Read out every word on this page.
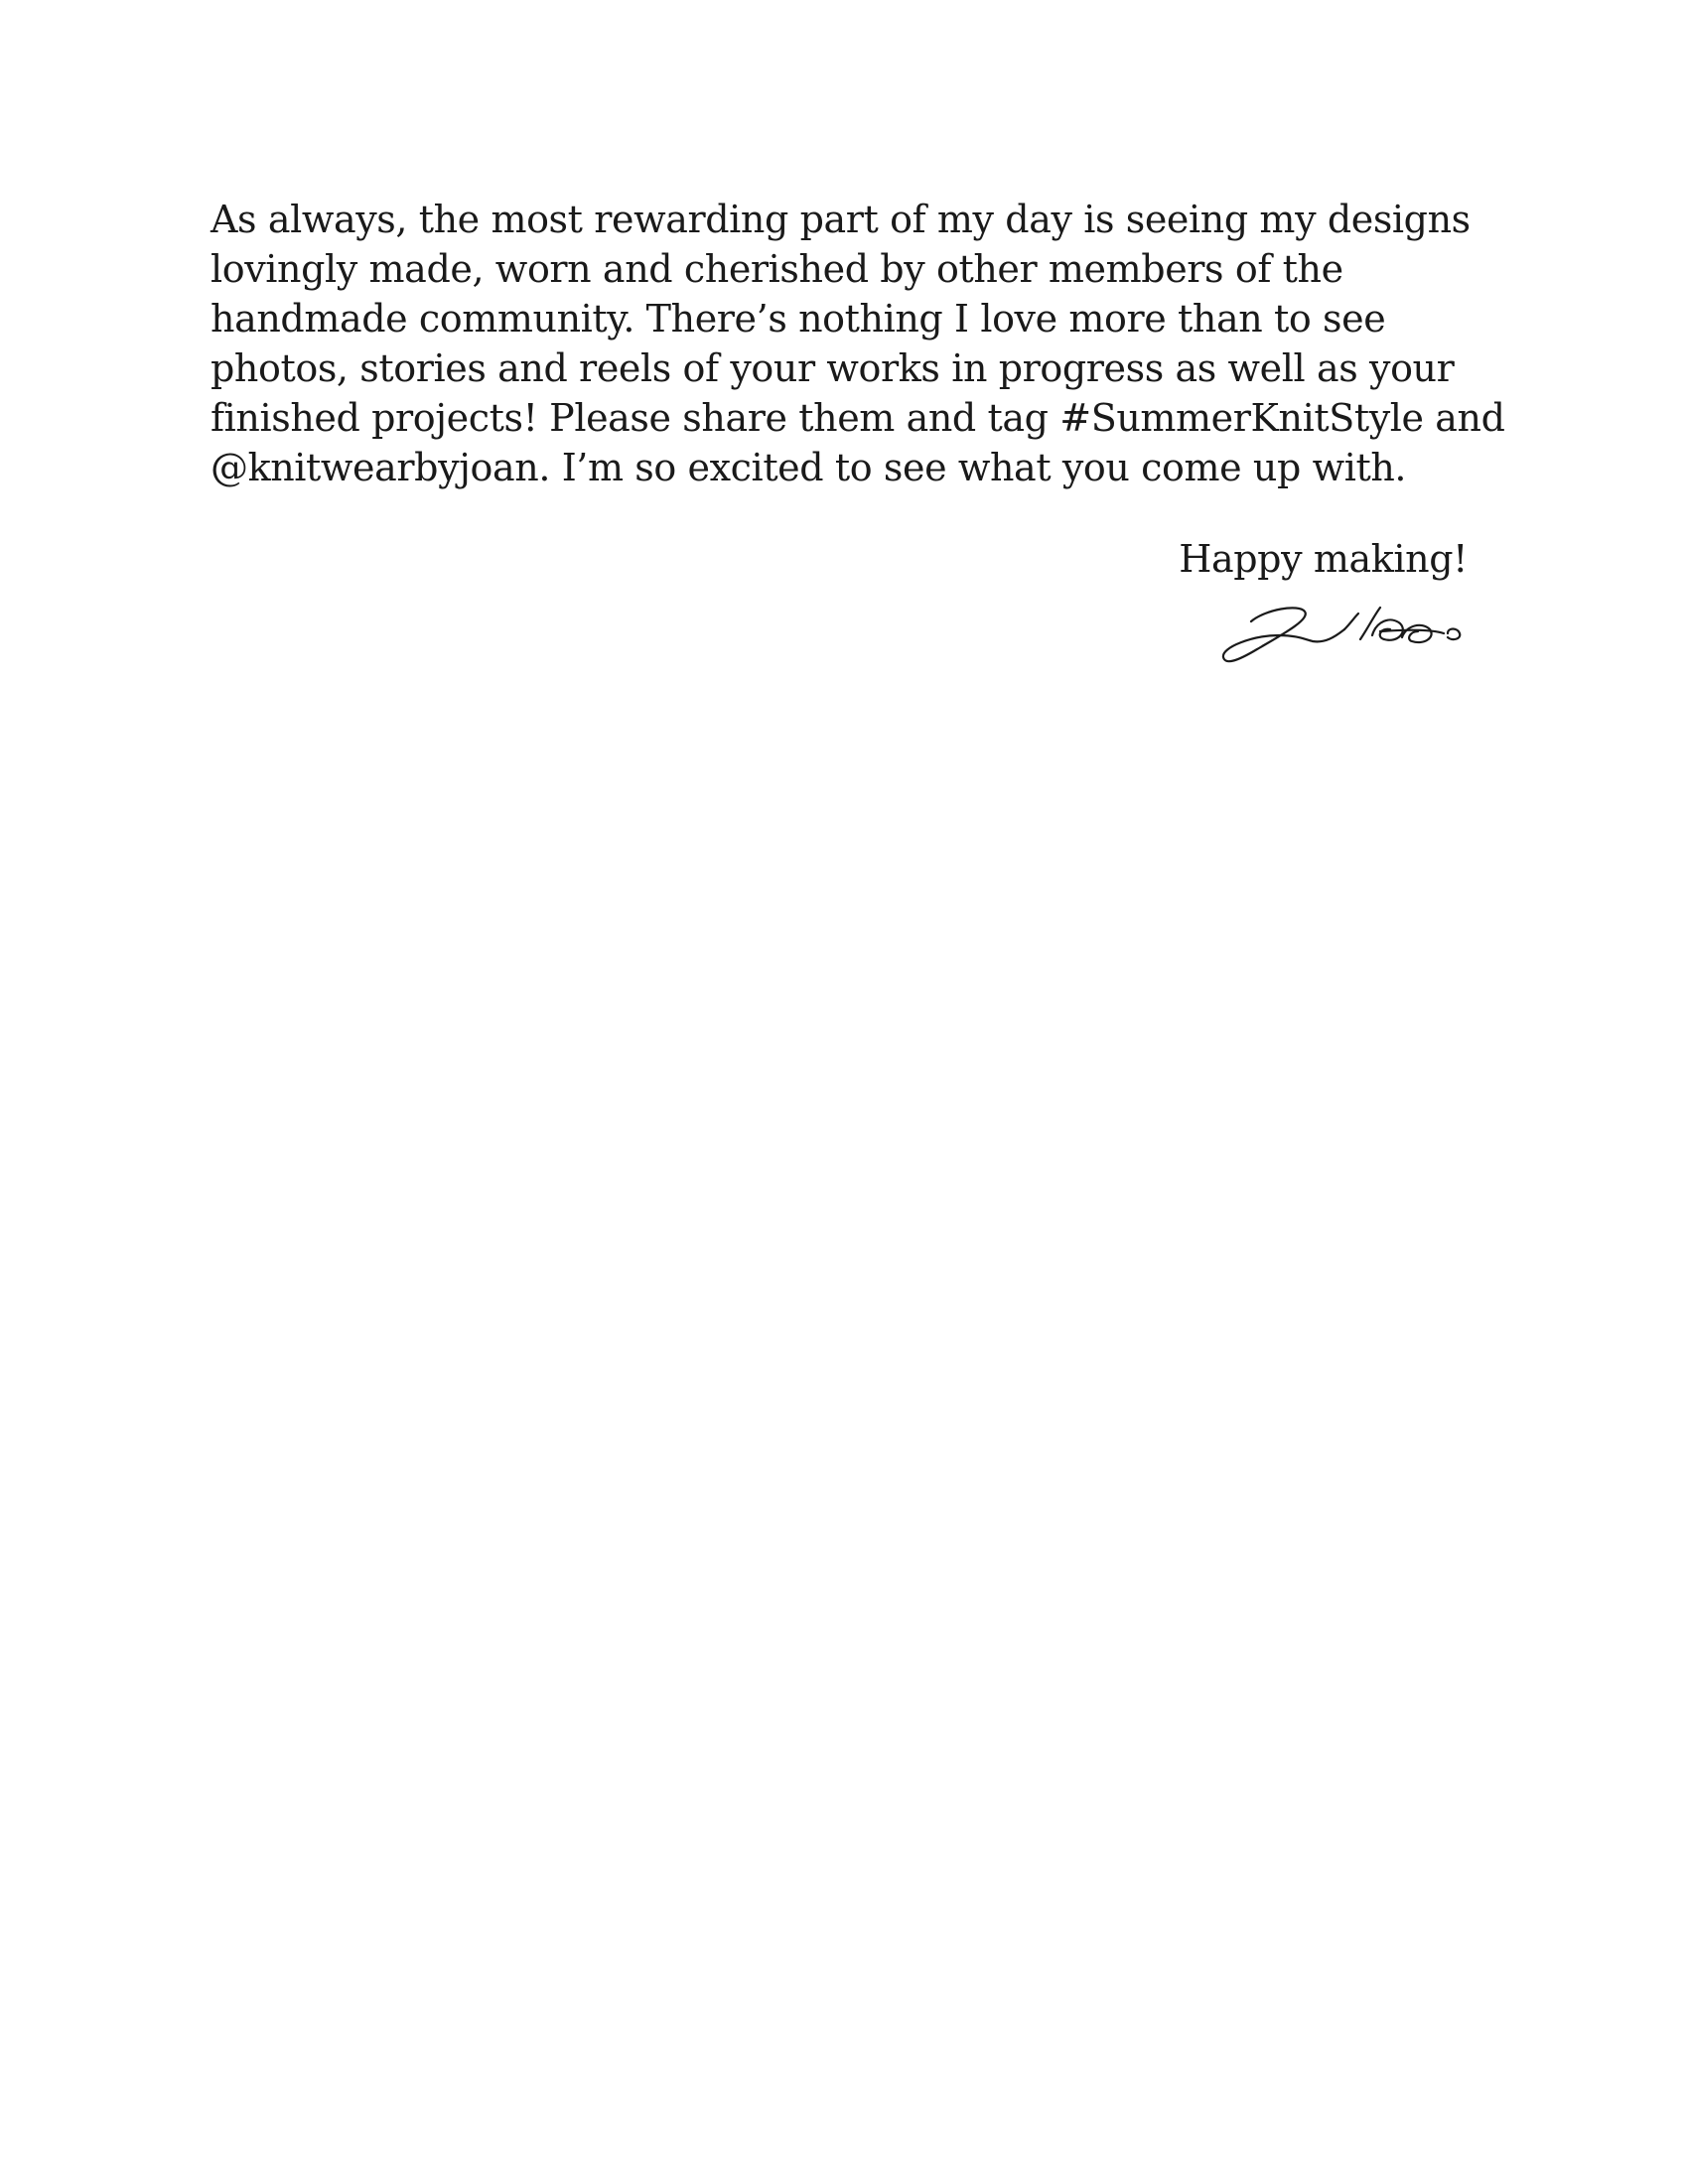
As always, the most rewarding part of my day is seeing my designs
lovingly made, worn and cherished by other members of the
handmade community. There’s nothing I love more than to see
photos, stories and reels of your works in progress as well as your
finished projects! Please share them and tag #SummerKnitStyle and
@knitwearbyjoan. I’m so excited to see what you come up with.

Happy making!
